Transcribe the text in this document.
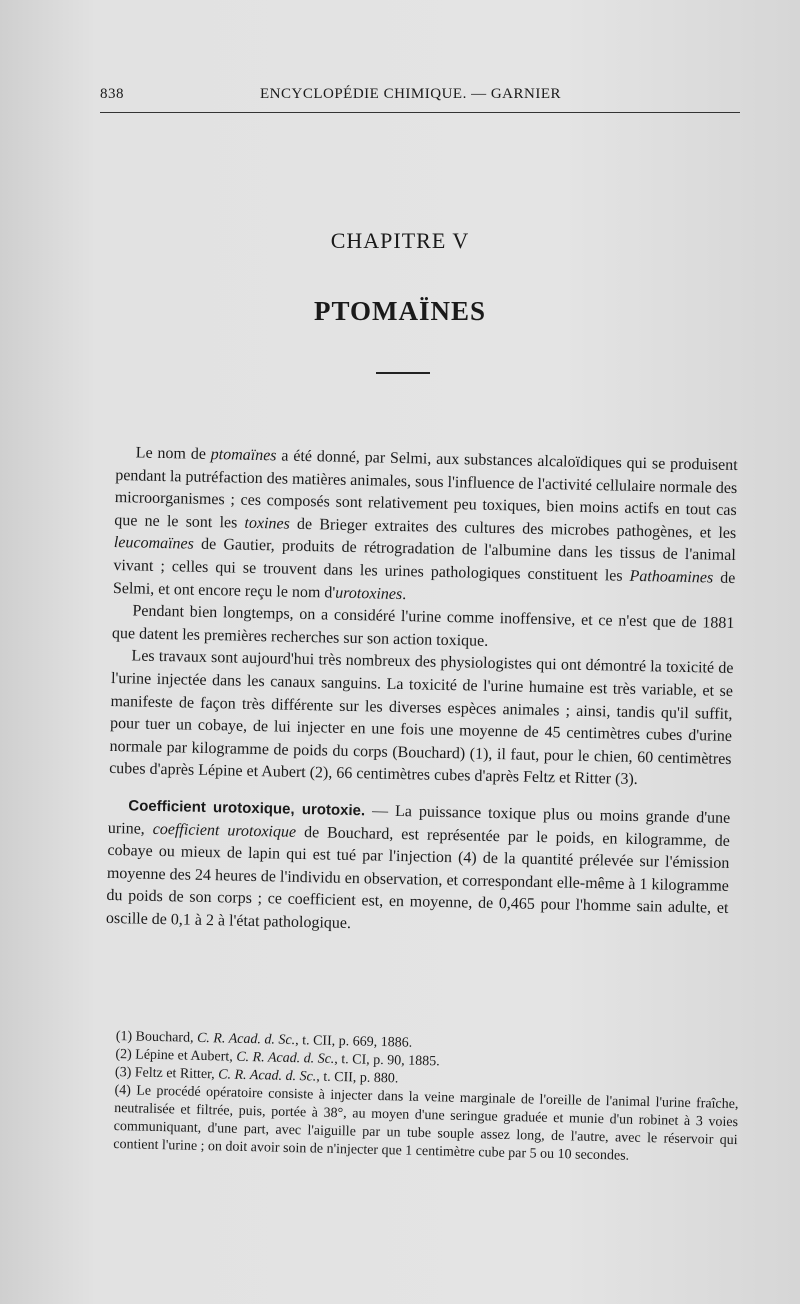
838	ENCYCLOPÉDIE CHIMIQUE. — GARNIER
CHAPITRE V
PTOMAÏNES

Le nom de ptomaïnes a été donné, par Selmi, aux substances alcaloïdiques qui se produisent pendant la putréfaction des matières animales, sous l'influence de l'activité cellulaire normale des microorganismes ; ces composés sont relativement peu toxiques, bien moins actifs en tout cas que ne le sont les toxines de Brieger extraites des cultures des microbes pathogènes, et les leucomaïnes de Gautier, produits de rétrogradation de l'albumine dans les tissus de l'animal vivant ; celles qui se trouvent dans les urines pathologiques constituent les Pathoamines de Selmi, et ont encore reçu le nom d'urotoxines.

Pendant bien longtemps, on a considéré l'urine comme inoffensive, et ce n'est que de 1881 que datent les premières recherches sur son action toxique.

Les travaux sont aujourd'hui très nombreux des physiologistes qui ont démontré la toxicité de l'urine injectée dans les canaux sanguins. La toxicité de l'urine humaine est très variable, et se manifeste de façon très différente sur les diverses espèces animales ; ainsi, tandis qu'il suffit, pour tuer un cobaye, de lui injecter en une fois une moyenne de 45 centimètres cubes d'urine normale par kilogramme de poids du corps (Bouchard) (1), il faut, pour le chien, 60 centimètres cubes d'après Lépine et Aubert (2), 66 centimètres cubes d'après Feltz et Ritter (3).

Coefficient urotoxique, urotoxie. — La puissance toxique plus ou moins grande d'une urine, coefficient urotoxique de Bouchard, est représentée par le poids, en kilogramme, de cobaye ou mieux de lapin qui est tué par l'injection (4) de la quantité prélevée sur l'émission moyenne des 24 heures de l'individu en observation, et correspondant elle-même à 1 kilogramme du poids de son corps ; ce coefficient est, en moyenne, de 0,465 pour l'homme sain adulte, et oscille de 0,1 à 2 à l'état pathologique.

(1) Bouchard, C. R. Acad. d. Sc., t. CII, p. 669, 1886.

(2) Lépine et Aubert, C. R. Acad. d. Sc., t. CI, p. 90, 1885.

(3) Feltz et Ritter, C. R. Acad. d. Sc., t. CII, p. 880.

(4) Le procédé opératoire consiste à injecter dans la veine marginale de l'oreille de l'animal l'urine fraîche, neutralisée et filtrée, puis, portée à 38°, au moyen d'une seringue graduée et munie d'un robinet à 3 voies communiquant, d'une part, avec l'aiguille par un tube souple assez long, de l'autre, avec le réservoir qui contient l'urine ; on doit avoir soin de n'injecter que 1 centimètre cube par 5 ou 10 secondes.
